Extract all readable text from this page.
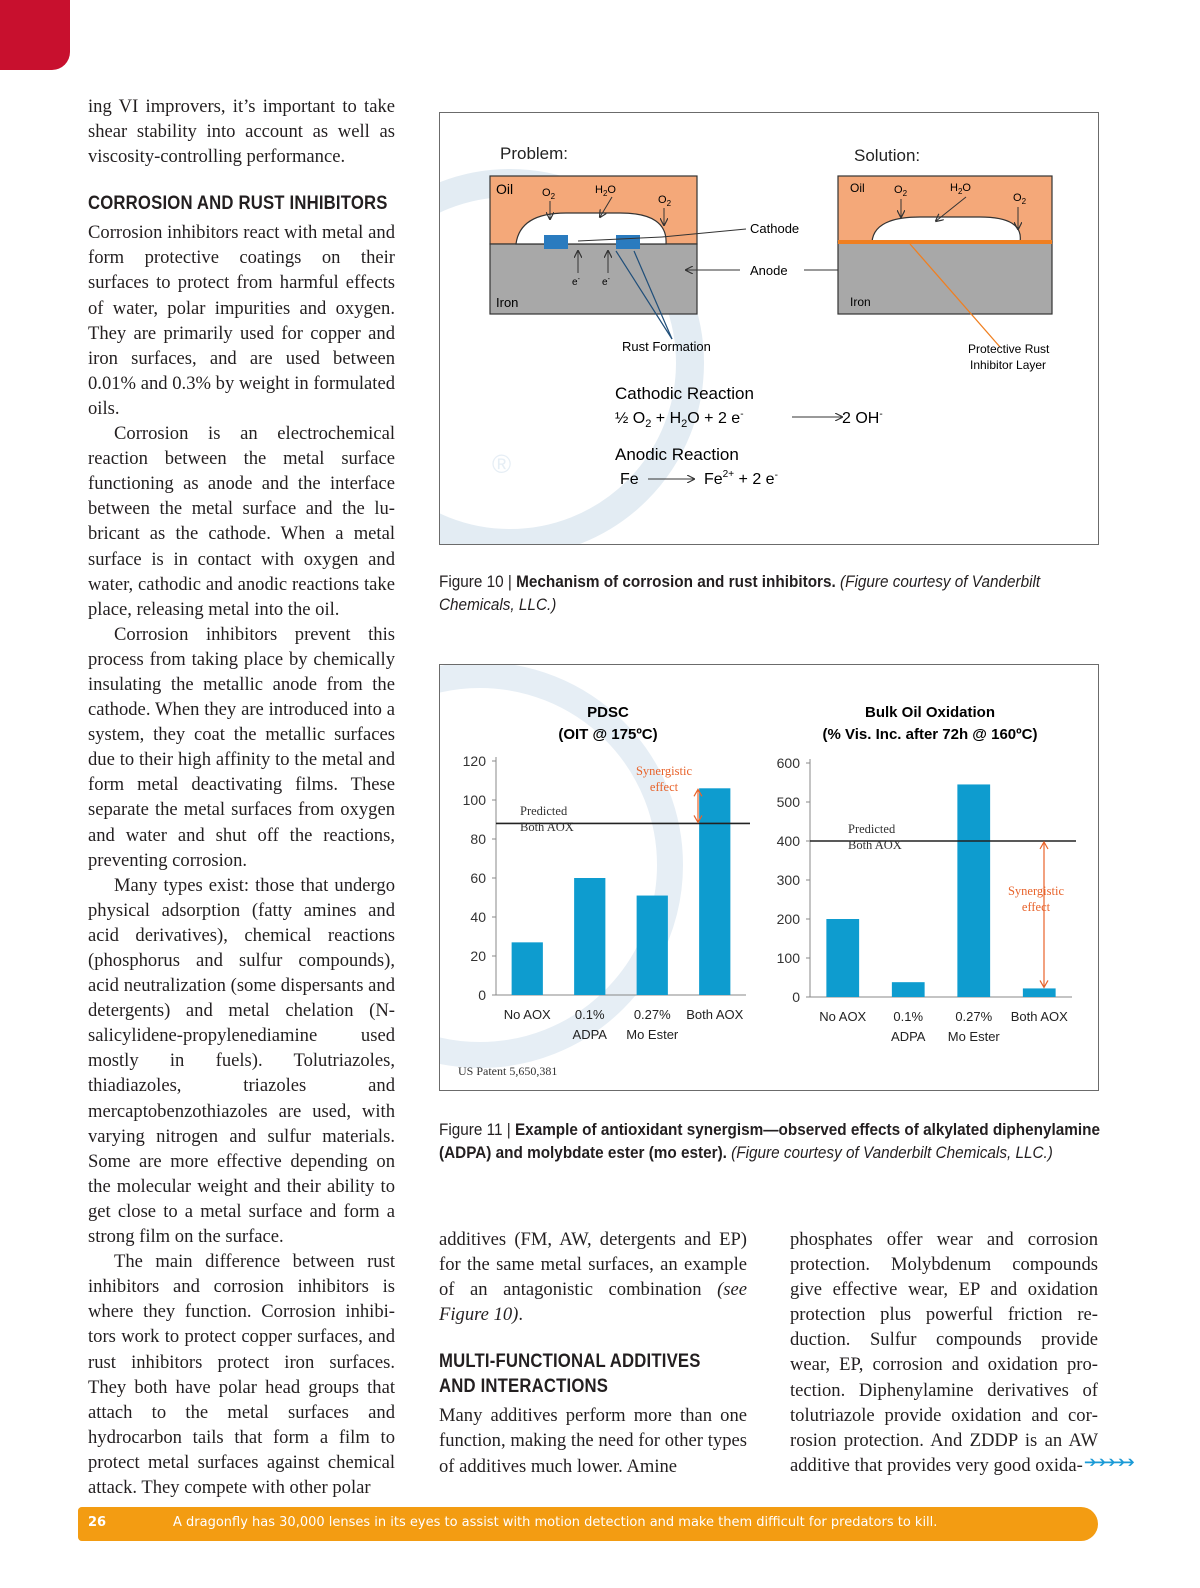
ing VI improvers, it’s important to take shear stability into account as well as viscosity-controlling performance.

CORROSION AND RUST INHIBITORS

Corrosion inhibitors react with metal and form protective coatings on their surfaces to protect from harmful effects of water, polar impurities and oxygen. They are primarily used for copper and iron surfaces, and are used between 0.01% and 0.3% by weight in formulated oils.

Corrosion is an electrochemical reaction between the metal surface functioning as anode and the interface between the metal surface and the lubricant as the cathode. When a metal surface is in contact with oxygen and water, cathodic and anodic reactions take place, releasing metal into the oil.

Corrosion inhibitors prevent this process from taking place by chemically insulating the metallic anode from the cathode. When they are introduced into a system, they coat the metallic surfaces due to their high affinity to the metal and form metal deactivating films. These separate the metal surfaces from oxygen and water and shut off the reactions, preventing corrosion.

Many types exist: those that undergo physical adsorption (fatty amines and acid derivatives), chemical reactions (phosphorus and sulfur compounds), acid neutralization (some dispersants and detergents) and metal chelation (N-salicylidene-propylenediamine used mostly in fuels). Tolutriazoles, thiadiazoles, triazoles and mercaptobenzothiazoles are used, with varying nitrogen and sulfur materials. Some are more effective depending on the molecular weight and their ability to get close to a metal surface and form a strong film on the surface.

The main difference between rust inhibitors and corrosion inhibitors is where they function. Corrosion inhibitors work to protect copper surfaces, and rust inhibitors protect iron surfaces. They both have polar head groups that attach to the metal surfaces and hydrocarbon tails that form a film to protect metal surfaces against chemical attack. They compete with other polar

®
Problem:	Solution:
Oil
Iron
$O_2$
$H_2O$
$O_2$
e- e-
Cathode
Anode
Rust Formation
Oil
Iron
$O_2$	$H_2O$
$O_2$
Protective Rust
Inhibitor Layer
Cathodic Reaction
½ $O_2 + H_2O + 2$ e-	2 OH-
Anodic Reaction
Fe	$Fe^{2+} + 2$ e-
Figure 10 | Mechanism of corrosion and rust inhibitors. (Figure courtesy of Vanderbilt Chemicals, LLC.)
US Patent 5,650,381
PDSC
(OIT @ 175ºC)
0
20
40
60
80
100
120
No AOX 0.1%
ADPA
0.27%
Mo Ester
Both AOX
Predicted
Both AOX
Synergistic
effect
Bulk Oil Oxidation
(% Vis. Inc. after 72h @ 160ºC)
0
100
200
300
400
500
600
No AOX 0.1%
ADPA
0.27%
Mo Ester
Both AOX
Predicted
Both AOX
Synergistic
effect
Figure 11 | Example of antioxidant synergism—observed effects of alkylated diphenylamine (ADPA) and molybdate ester (mo ester). (Figure courtesy of Vanderbilt Chemicals, LLC.)

additives (FM, AW, detergents and EP) for the same metal surfaces, an example of an antagonistic combination (see Figure 10).

MULTI-FUNCTIONAL ADDITIVES
AND INTERACTIONS

Many additives perform more than one function, making the need for other types of additives much lower. Amine

phosphates offer wear and corrosion protection. Molybdenum compounds give effective wear, EP and oxidation protection plus powerful friction reduction. Sulfur compounds provide wear, EP, corrosion and oxidation protection. Diphenylamine derivatives of tolutriazole provide oxidation and corrosion protection. And ZDDP is an AW additive that provides very good oxida- ➔➔➔➔➔
26	A dragonfly has 30,000 lenses in its eyes to assist with motion detection and make them difficult for predators to kill.
